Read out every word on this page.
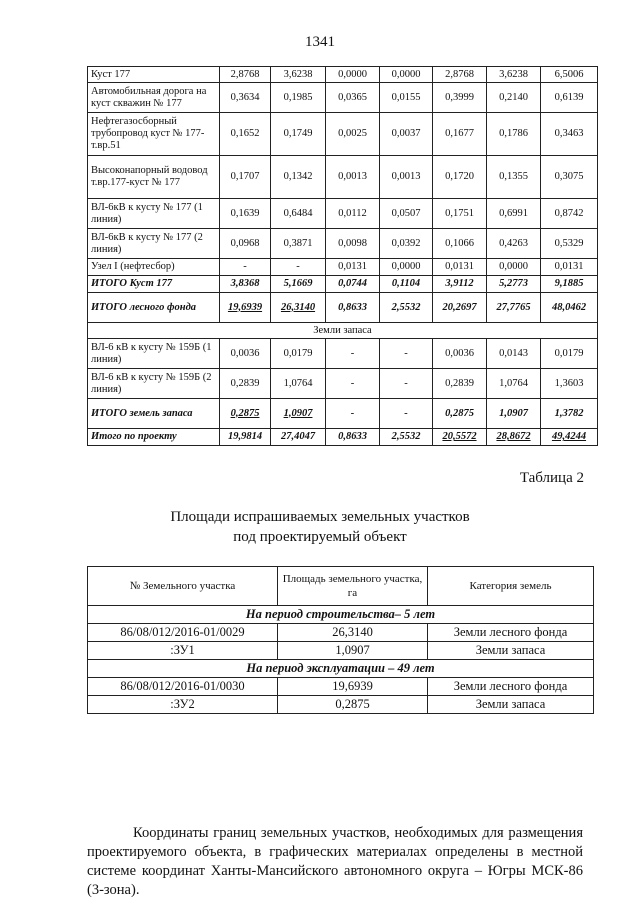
1341
Куст 177	2,8768	3,6238	0,0000	0,0000	2,8768	3,6238	6,5006
Автомобильная дорога на куст скважин № 177	0,3634	0,1985	0,0365	0,0155	0,3999	0,2140	0,6139
Нефтегазосборный трубопровод куст № 177-т.вр.51	0,1652	0,1749	0,0025	0,0037	0,1677	0,1786	0,3463
Высоконапорный водовод т.вр.177-куст № 177	0,1707	0,1342	0,0013	0,0013	0,1720	0,1355	0,3075
ВЛ-6кВ к кусту № 177 (1 линия)	0,1639	0,6484	0,0112	0,0507	0,1751	0,6991	0,8742
ВЛ-6кВ к кусту № 177 (2 линия)	0,0968	0,3871	0,0098	0,0392	0,1066	0,4263	0,5329
Узел I (нефтесбор)	-	-	0,0131	0,0000	0,0131	0,0000	0,0131
ИТОГО Куст 177	3,8368	5,1669	0,0744	0,1104	3,9112	5,2773	9,1885
ИТОГО лесного фонда	19,6939	26,3140	0,8633	2,5532	20,2697	27,7765	48,0462
Земли запаса							
ВЛ-6 кВ к кусту № 159Б (1 линия)	0,0036	0,0179	-	-	0,0036	0,0143	0,0179
ВЛ-6 кВ к кусту № 159Б (2 линия)	0,2839	1,0764	-	-	0,2839	1,0764	1,3603
ИТОГО земель запаса	0,2875	1,0907	-	-	0,2875	1,0907	1,3782
Итого по проекту	19,9814	27,4047	0,8633	2,5532	20,5572	28,8672	49,4244
Таблица 2
Площади испрашиваемых земельных участков
под проектируемый объект
№ Земельного участка	Площадь земельного участка, га	Категория земель
На период строительства– 5 лет		
86/08/012/2016-01/0029	26,3140	Земли лесного фонда
:ЗУ1	1,0907	Земли запаса
На период эксплуатации – 49 лет		
86/08/012/2016-01/0030	19,6939	Земли лесного фонда
:ЗУ2	0,2875	Земли запаса
Координаты границ земельных участков, необходимых для размещения проектируемого объекта, в графических материалах определены в местной системе координат Ханты-Мансийского автономного округа – Югры МСК-86 (3-зона).
